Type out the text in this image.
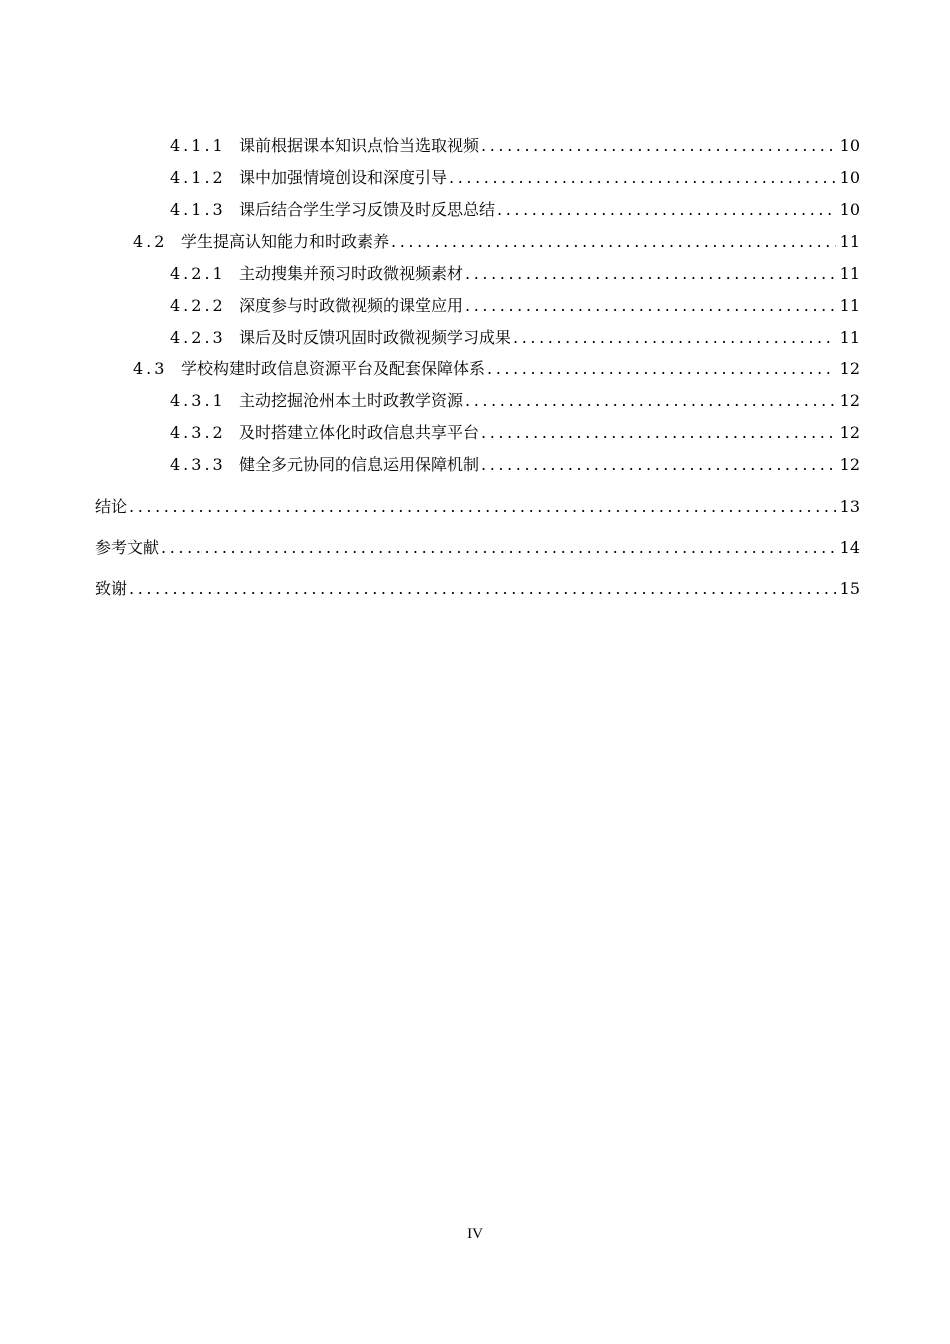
4.1.1 课前根据课本知识点恰当选取视频 .....	10
4.1.2 课中加强情境创设和深度引导 .....	10
4.1.3 课后结合学生学习反馈及时反思总结 .....	10
4.2 学生提高认知能力和时政素养 .....	11
4.2.1 主动搜集并预习时政微视频素材 .....	11
4.2.2 深度参与时政微视频的课堂应用 .....	11
4.2.3 课后及时反馈巩固时政微视频学习成果 .....	11
4.3 学校构建时政信息资源平台及配套保障体系 .....	12
4.3.1 主动挖掘沧州本土时政教学资源 .....	12
4.3.2 及时搭建立体化时政信息共享平台 .....	12
4.3.3 健全多元协同的信息运用保障机制 .....	12
结论 .....	13
参考文献 .....	14
致谢 .....	15
IV
